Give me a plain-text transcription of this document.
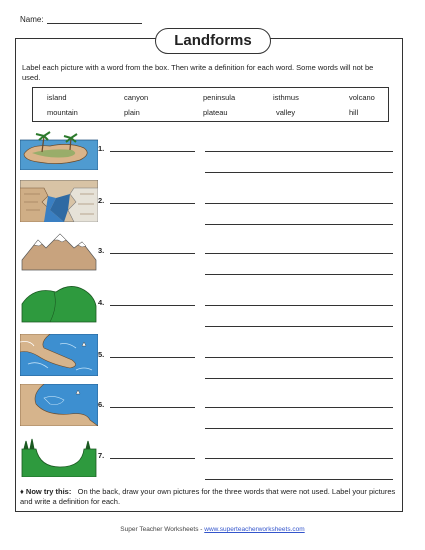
Name:
Landforms
Label each picture with a word from the box. Then write a definition for each word. Some words will not be used.
island	canyon	peninsula	isthmus	volcano
mountain	plain	plateau	valley	hill
1.
2.
3.
4.
5.
6.
7.
♦ Now try this: On the back, draw your own pictures for the three words that were not used. Label your pictures and write a definition for each.
Super Teacher Worksheets - www.superteacherworksheets.com
